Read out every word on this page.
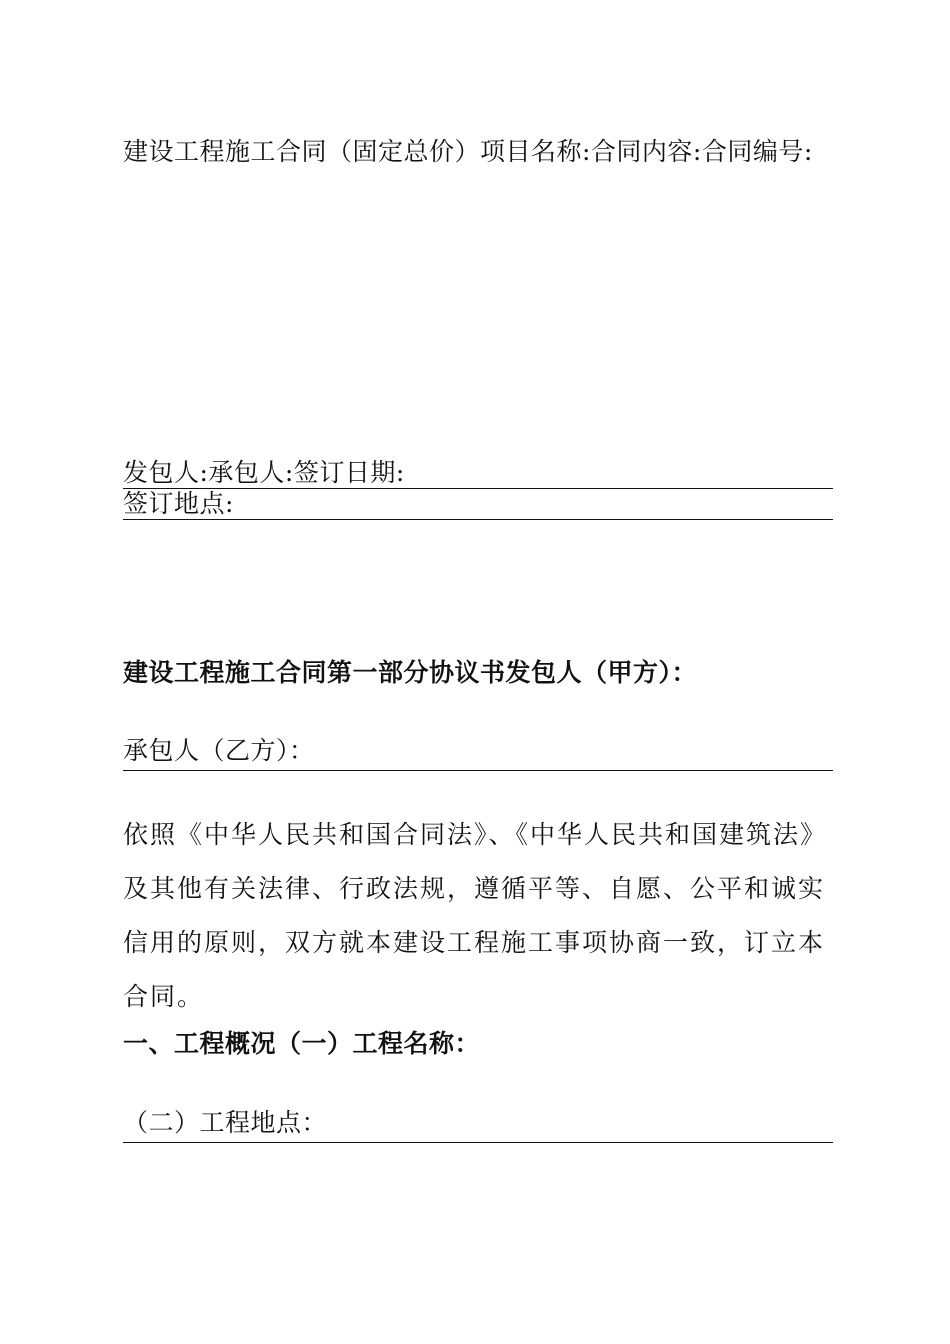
建设工程施工合同（固定总价）项目名称:合同内容:合同编号:
发包人:承包人:签订日期:
签订地点:
建设工程施工合同第一部分协议书发包人（甲方）：
承包人（乙方）：
依照《中华人民共和国合同法》、《中华人民共和国建筑法》及其他有关法律、行政法规，遵循平等、自愿、公平和诚实信用的原则，双方就本建设工程施工事项协商一致，订立本合同。
一、工程概况（一）工程名称：
（二）工程地点：
